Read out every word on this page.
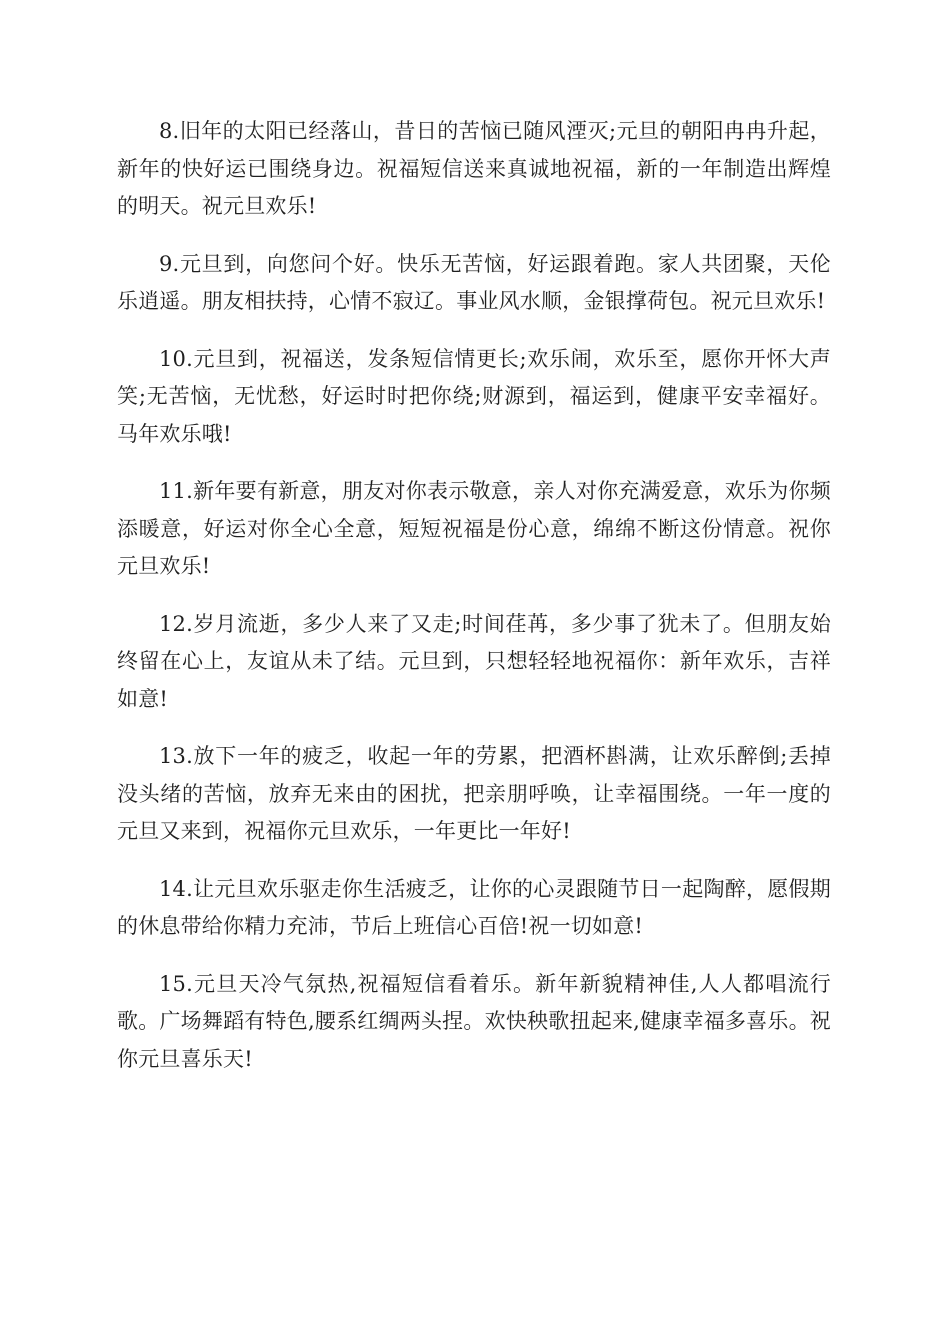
8.旧年的太阳已经落山，昔日的苦恼已随风湮灭;元旦的朝阳冉冉升起，新年的快好运已围绕身边。祝福短信送来真诚地祝福，新的一年制造出辉煌的明天。祝元旦欢乐!

9.元旦到，向您问个好。快乐无苦恼，好运跟着跑。家人共团聚，天伦乐逍遥。朋友相扶持，心情不寂辽。事业风水顺，金银撑荷包。祝元旦欢乐!

10.元旦到，祝福送，发条短信情更长;欢乐闹，欢乐至，愿你开怀大声笑;无苦恼，无忧愁，好运时时把你绕;财源到，福运到，健康平安幸福好。马年欢乐哦!

11.新年要有新意，朋友对你表示敬意，亲人对你充满爱意，欢乐为你频添暖意，好运对你全心全意，短短祝福是份心意，绵绵不断这份情意。祝你元旦欢乐!

12.岁月流逝，多少人来了又走;时间荏苒，多少事了犹未了。但朋友始终留在心上，友谊从未了结。元旦到，只想轻轻地祝福你：新年欢乐，吉祥如意!

13.放下一年的疲乏，收起一年的劳累，把酒杯斟满，让欢乐醉倒;丢掉没头绪的苦恼，放弃无来由的困扰，把亲朋呼唤，让幸福围绕。一年一度的元旦又来到，祝福你元旦欢乐，一年更比一年好!

14.让元旦欢乐驱走你生活疲乏，让你的心灵跟随节日一起陶醉，愿假期的休息带给你精力充沛，节后上班信心百倍!祝一切如意!

15.元旦天冷气氛热,祝福短信看着乐。新年新貌精神佳,人人都唱流行歌。广场舞蹈有特色,腰系红绸两头捏。欢快秧歌扭起来,健康幸福多喜乐。祝你元旦喜乐天!
